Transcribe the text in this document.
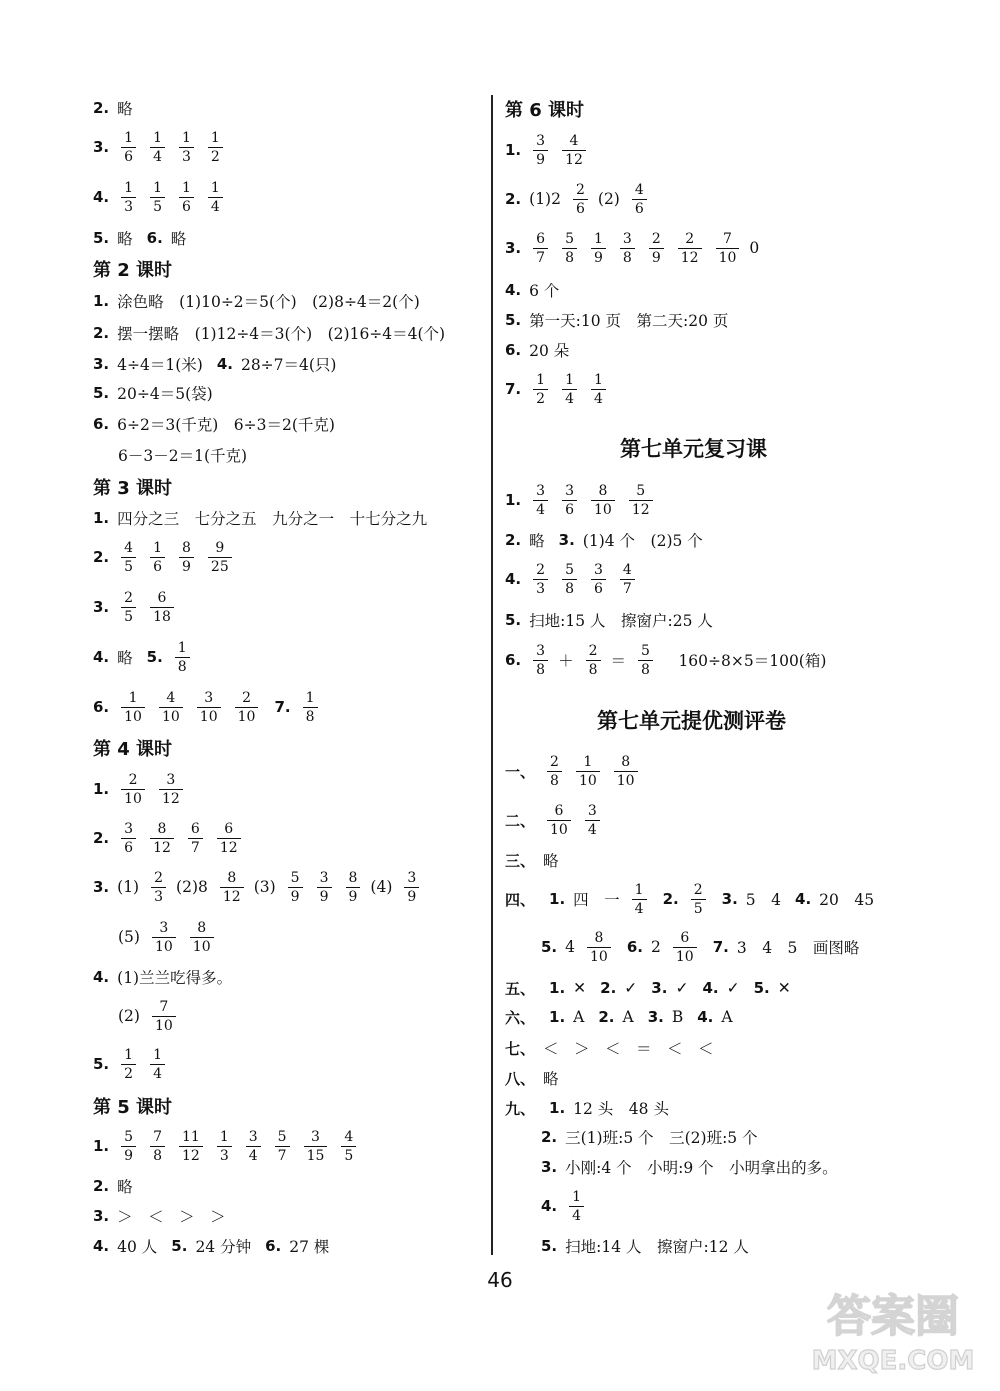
2. 略
3. $\frac{1}{6} \frac{1}{4} \frac{1}{3} \frac{1}{2}$
4. $\frac{1}{3} \frac{1}{5} \frac{1}{6} \frac{1}{4}$
5. 略 6. 略
第 2 课时
1. 涂色略　(1)10÷2＝5(个)　(2)8÷4＝2(个)
2. 摆一摆略　(1)12÷4＝3(个)　(2)16÷4＝4(个)
3. 4÷4＝1(米) 4. 28÷7＝4(只)
5. 20÷4＝5(袋)
6. 6÷2＝3(千克)　6÷3＝2(千克)
6－3－2＝1(千克)
第 3 课时
1. 四分之三　七分之五　九分之一　十七分之九
2. $\frac{4}{5} \frac{1}{6} \frac{8}{9} \frac{9}{25}$
3. $\frac{2}{5} \frac{6}{18}$
4. 略 5. $\frac{1}{8}$
6. $\frac{1}{10} \frac{4}{10} \frac{3}{10} \frac{2}{10} 7$. $\frac{1}{8}$
第 4 课时
1. $\frac{2}{10} \frac{3}{12}$
2. $\frac{3}{6} \frac{8}{12} \frac{6}{7} \frac{6}{12}$
3. $(1) \frac{2}{3} (2)8 \frac{8}{12} (3) \frac{5}{9} \frac{3}{9} \frac{8}{9} (4) \frac{3}{9}$
$(5) \frac{3}{10} \frac{8}{10}$
4. (1)兰兰吃得多。
$(2) \frac{7}{10}$
5. $\frac{1}{2} \frac{1}{4}$
第 5 课时
1. $\frac{5}{9} \frac{7}{8} \frac{11}{12} \frac{1}{3} \frac{3}{4} \frac{5}{7} \frac{3}{15} \frac{4}{5}$
2. 略
3. ＞　＜　＞　＞
4. 40 人 5. 24 分钟 6. 27 棵
第 6 课时
1. $\frac{3}{9} \frac{4}{12}$
2. $(1)2 \frac{2}{6} (2) \frac{4}{6}$
3. $\frac{6}{7} \frac{5}{8} \frac{1}{9} \frac{3}{8} \frac{2}{9} \frac{2}{12} \frac{7}{10} 0$
4. 6 个
5. 第一天:10 页　第二天:20 页
6. 20 朵
7. $\frac{1}{2} \frac{1}{4} \frac{1}{4}$
第七单元复习课
1. $\frac{3}{4} \frac{3}{6} \frac{8}{10} \frac{5}{12}$
2. 略 3. (1)4 个　(2)5 个
4. $\frac{2}{3} \frac{5}{8} \frac{3}{6} \frac{4}{7}$
5. 扫地:15 人　擦窗户:25 人
6. $\frac{3}{8} + \frac{2}{8} = \frac{5}{8}$ 　160÷8×5＝100(箱)
第七单元提优测评卷
一、 $\frac{2}{8} \frac{1}{10} \frac{8}{10}$
二、 $\frac{6}{10} \frac{3}{4}$
三、 略
四、 1. 四　一 $\frac{1}{4} 2$. $\frac{2}{5} 3$. 5　4 4. 20　45
5. $4 \frac{8}{10} 6$. $2 \frac{6}{10} 7$. 3　4　5　画图略
五、 1. ✕ 2. ✓ 3. ✓ 4. ✓ 5. ✕
六、 1. A 2. A 3. B 4. A
七、 ＜　＞　＜　＝　＜　＜
八、 略
九、 1. 12 头　48 头
2. 三(1)班:5 个　三(2)班:5 个
3. 小刚:4 个　小明:9 个　小明拿出的多。
4. $\frac{1}{4}$
5. 扫地:14 人　擦窗户:12 人
46
答案圈
MXQE.COM
